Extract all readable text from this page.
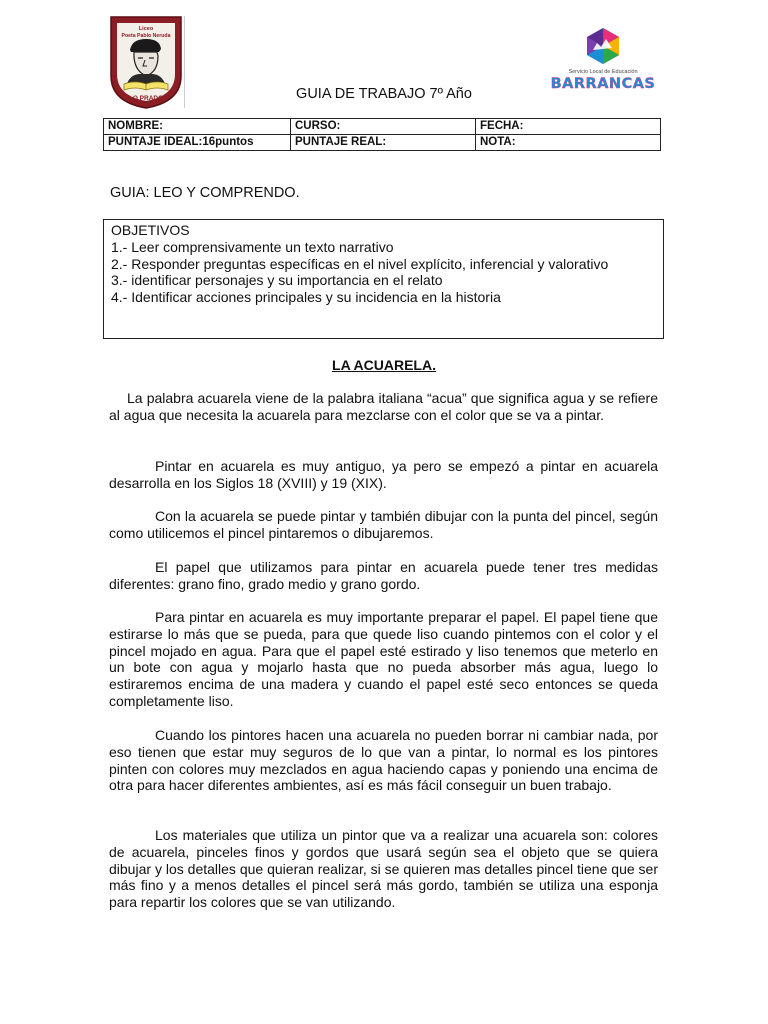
Liceo
Poeta Pablo Neruda
LO PRADO
Servicio Local de Educación
BARRANCAS
GUIA DE TRABAJO 7º Año
NOMBRE:	CURSO:	FECHA:
PUNTAJE IDEAL:16puntos	PUNTAJE REAL:	NOTA:
GUIA: LEO Y COMPRENDO.
OBJETIVOS
1.- Leer comprensivamente un texto narrativo
2.- Responder preguntas específicas en el nivel explícito, inferencial y valorativo
3.- identificar personajes y su importancia en el relato
4.- Identificar acciones principales y su incidencia en la historia
LA ACUARELA.
La palabra acuarela viene de la palabra italiana “acua” que significa agua y se refiere al agua que necesita la acuarela para mezclarse con el color que se va a pintar.
Pintar en acuarela es muy antiguo, ya pero se empezó a pintar en acuarela desarrolla en los Siglos 18 (XVIII) y 19 (XIX).
Con la acuarela se puede pintar y también dibujar con la punta del pincel, según como utilicemos el pincel pintaremos o dibujaremos.
El papel que utilizamos para pintar en acuarela puede tener tres medidas diferentes: grano fino, grado medio y grano gordo.
Para pintar en acuarela es muy importante preparar el papel. El papel tiene que estirarse lo más que se pueda, para que quede liso cuando pintemos con el color y el pincel mojado en agua. Para que el papel esté estirado y liso tenemos que meterlo en un bote con agua y mojarlo hasta que no pueda absorber más agua, luego lo estiraremos encima de una madera y cuando el papel esté seco entonces se queda completamente liso.
Cuando los pintores hacen una acuarela no pueden borrar ni cambiar nada, por eso tienen que estar muy seguros de lo que van a pintar, lo normal es los pintores pinten con colores muy mezclados en agua haciendo capas y poniendo una encima de otra para hacer diferentes ambientes, así es más fácil conseguir un buen trabajo.
Los materiales que utiliza un pintor que va a realizar una acuarela son: colores de acuarela, pinceles finos y gordos que usará según sea el objeto que se quiera dibujar y los detalles que quieran realizar, si se quieren mas detalles pincel tiene que ser más fino y a menos detalles el pincel será más gordo, también se utiliza una esponja para repartir los colores que se van utilizando.
